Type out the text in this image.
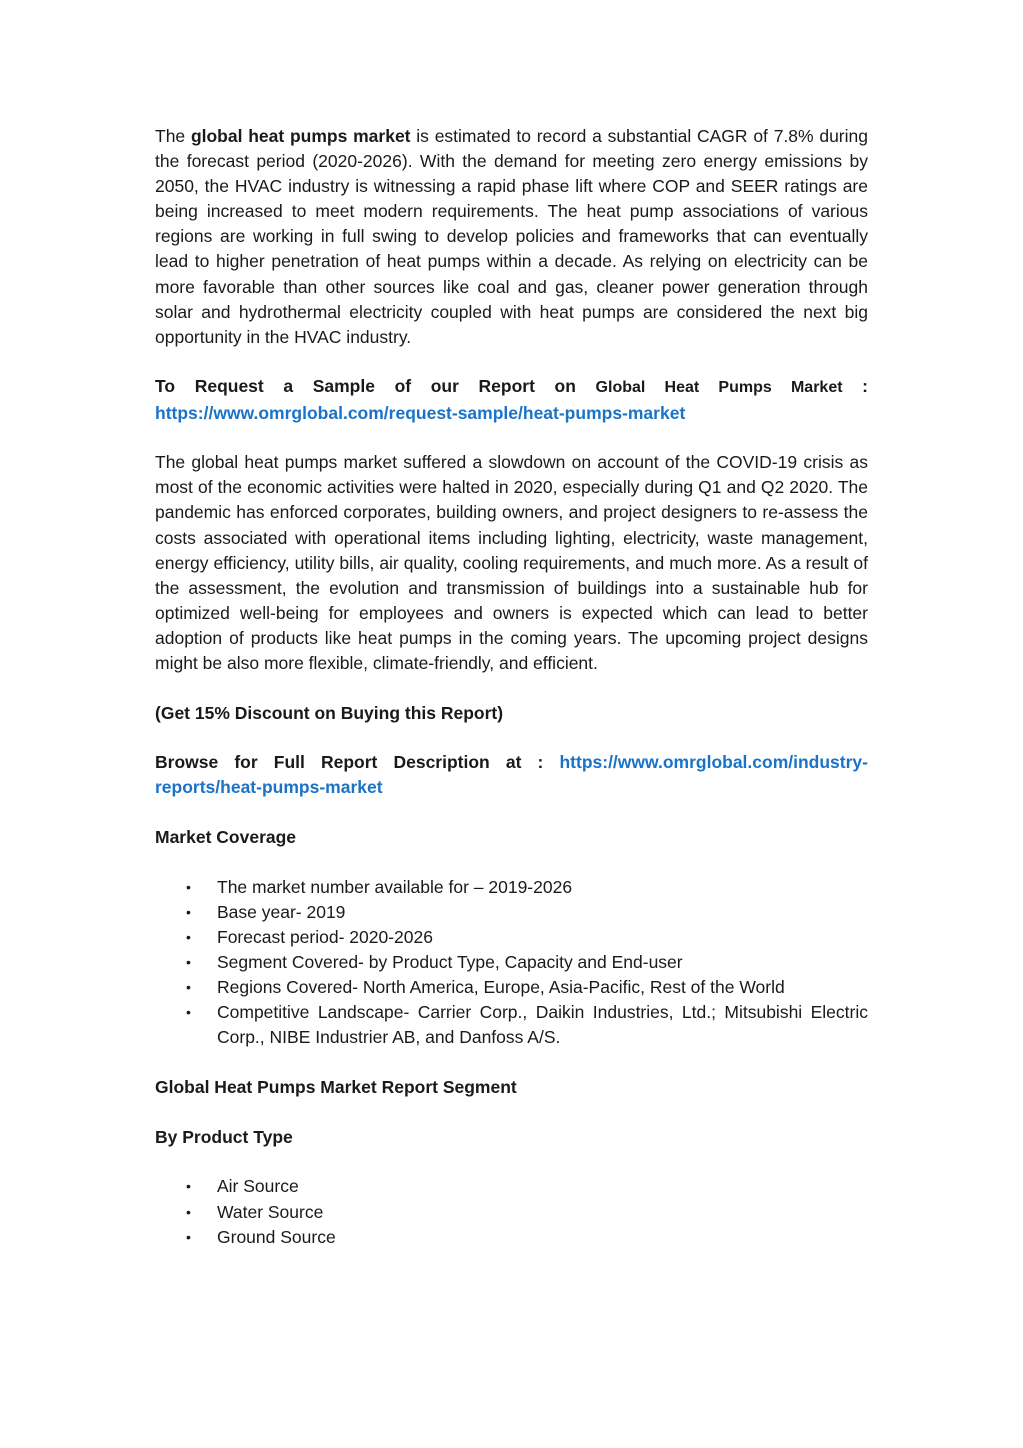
The global heat pumps market is estimated to record a substantial CAGR of 7.8% during the forecast period (2020-2026). With the demand for meeting zero energy emissions by 2050, the HVAC industry is witnessing a rapid phase lift where COP and SEER ratings are being increased to meet modern requirements. The heat pump associations of various regions are working in full swing to develop policies and frameworks that can eventually lead to higher penetration of heat pumps within a decade. As relying on electricity can be more favorable than other sources like coal and gas, cleaner power generation through solar and hydrothermal electricity coupled with heat pumps are considered the next big opportunity in the HVAC industry.

To Request a Sample of our Report on Global Heat Pumps Market :
https://www.omrglobal.com/request-sample/heat-pumps-market

The global heat pumps market suffered a slowdown on account of the COVID-19 crisis as most of the economic activities were halted in 2020, especially during Q1 and Q2 2020. The pandemic has enforced corporates, building owners, and project designers to re-assess the costs associated with operational items including lighting, electricity, waste management, energy efficiency, utility bills, air quality, cooling requirements, and much more. As a result of the assessment, the evolution and transmission of buildings into a sustainable hub for optimized well-being for employees and owners is expected which can lead to better adoption of products like heat pumps in the coming years. The upcoming project designs might be also more flexible, climate-friendly, and efficient.

(Get 15% Discount on Buying this Report)

Browse for Full Report Description at : https://www.omrglobal.com/industry-reports/heat-pumps-market

Market Coverage
• The market number available for – 2019-2026
• Base year- 2019
• Forecast period- 2020-2026
• Segment Covered- by Product Type, Capacity and End-user
• Regions Covered- North America, Europe, Asia-Pacific, Rest of the World
• Competitive Landscape- Carrier Corp., Daikin Industries, Ltd.; Mitsubishi Electric Corp., NIBE Industrier AB, and Danfoss A/S.
Global Heat Pumps Market Report Segment
By Product Type
• Air Source
• Water Source
• Ground Source
